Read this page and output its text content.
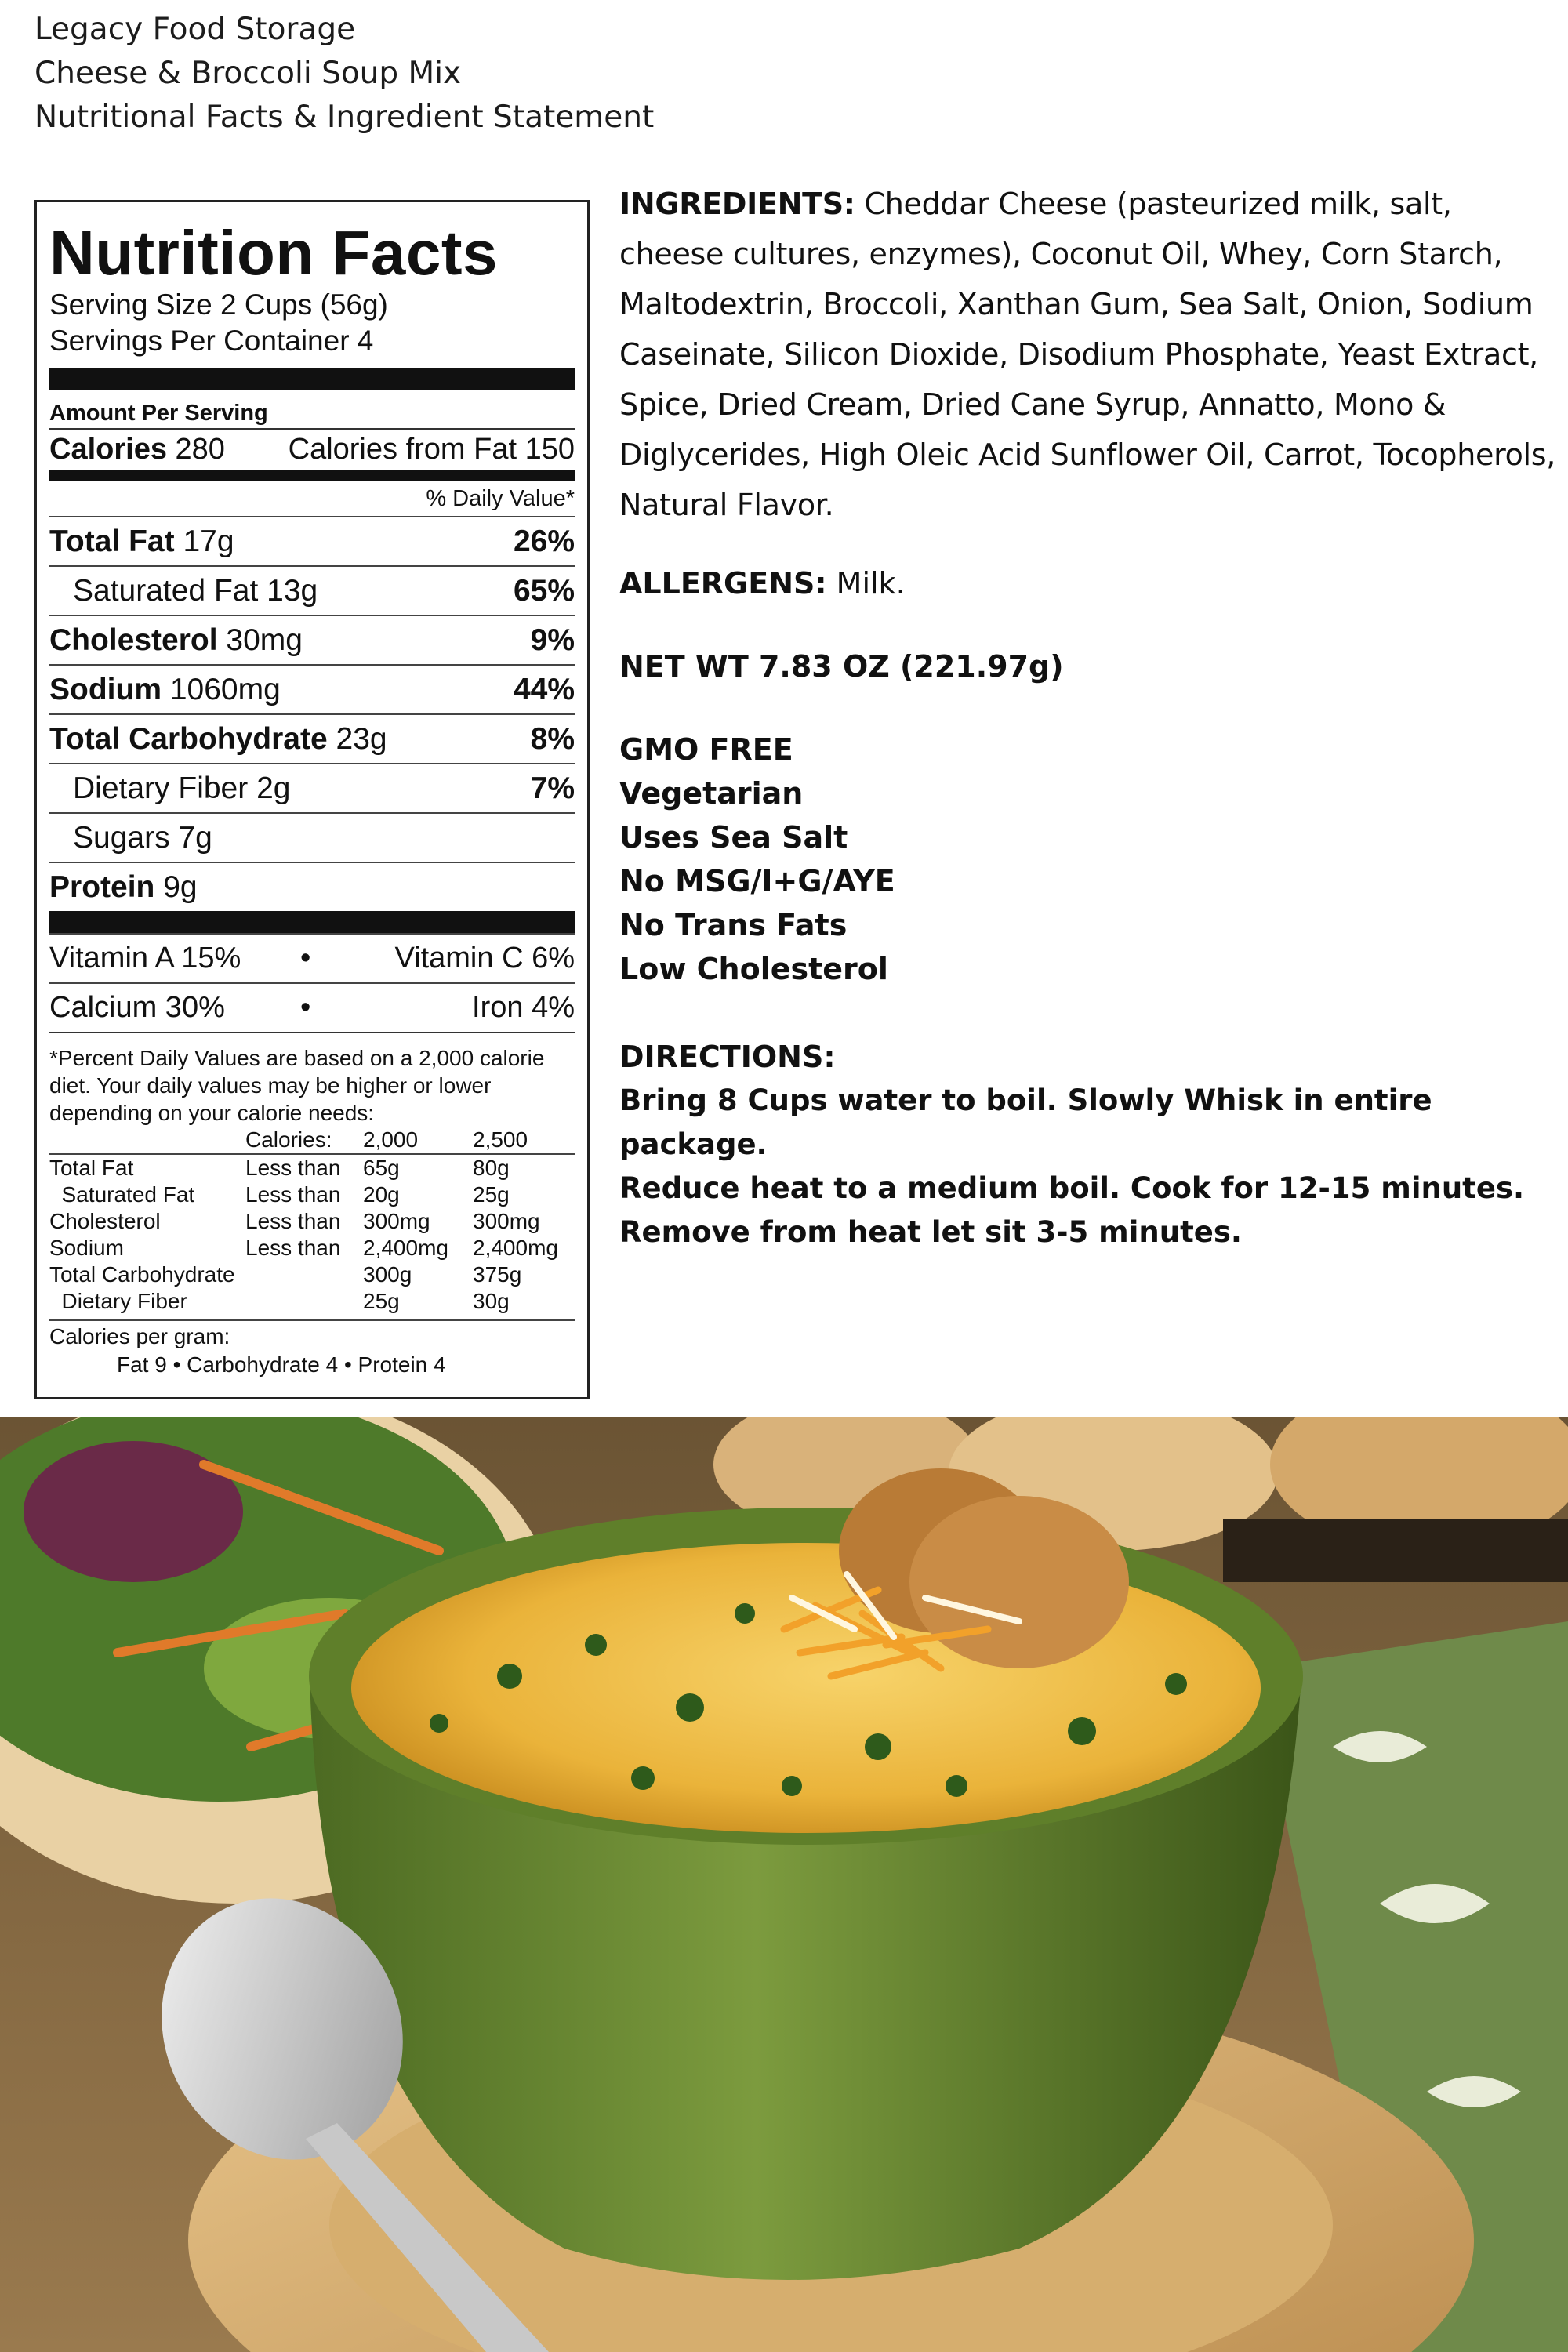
Legacy Food Storage
Cheese & Broccoli Soup Mix
Nutritional Facts & Ingredient Statement
Nutrition Facts
Serving Size 2 Cups (56g)
Servings Per Container 4
Amount Per Serving
Calories 280 Calories from Fat 150
% Daily Value*
Total Fat 17g	26%
Saturated Fat 13g	65%
Cholesterol 30mg	9%
Sodium 1060mg	44%
Total Carbohydrate 23g	8%
Dietary Fiber 2g	7%
Sugars 7g
Protein 9g
Vitamin A 15%	•	Vitamin C 6%
Calcium 30%	•	Iron 4%
*Percent Daily Values are based on a 2,000 calorie diet. Your daily values may be higher or lower depending on your calorie needs:
	Calories:	2,000	2,500
Total Fat	Less than	65g	80g
Saturated Fat	Less than	20g	25g
Cholesterol	Less than	300mg	300mg
Sodium	Less than	2,400mg	2,400mg
Total Carbohydrate		300g	375g
Dietary Fiber		25g	30g
Calories per gram:
Fat 9 • Carbohydrate 4 • Protein 4
INGREDIENTS: Cheddar Cheese (pasteurized milk, salt, cheese cultures, enzymes), Coconut Oil, Whey, Corn Starch, Maltodextrin, Broccoli, Xanthan Gum, Sea Salt, Onion, Sodium Caseinate, Silicon Dioxide, Disodium Phosphate, Yeast Extract, Spice, Dried Cream, Dried Cane Syrup, Annatto, Mono & Diglycerides, High Oleic Acid Sunflower Oil, Carrot, Tocopherols, Natural Flavor.
ALLERGENS: Milk.
NET WT 7.83 OZ (221.97g)
GMO FREE
Vegetarian
Uses Sea Salt
No MSG/I+G/AYE
No Trans Fats
Low Cholesterol
DIRECTIONS:
Bring 8 Cups water to boil. Slowly Whisk in entire package.
Reduce heat to a medium boil. Cook for 12-15 minutes.
Remove from heat let sit 3-5 minutes.
